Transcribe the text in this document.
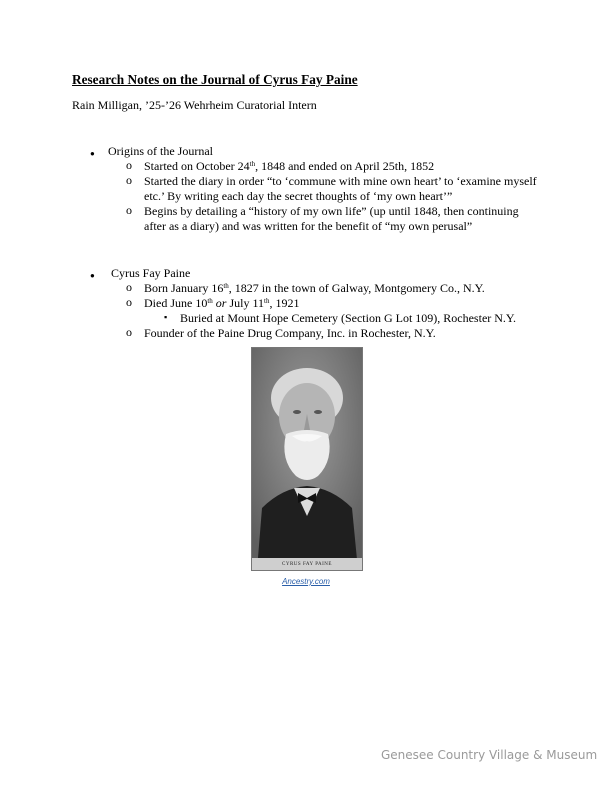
Research Notes on the Journal of Cyrus Fay Paine
Rain Milligan, ’25-’26 Wehrheim Curatorial Intern
● Origins of the Journal
o Started on October 24th, 1848 and ended on April 25th, 1852
o Started the diary in order “to ‘commune with mine own heart’ to ‘examine myself
etc.’ By writing each day the secret thoughts of ‘my own heart’”
o Begins by detailing a “history of my own life” (up until 1848, then continuing
after as a diary) and was written for the benefit of “my own perusal”
● Cyrus Fay Paine
o Born January 16th, 1827 in the town of Galway, Montgomery Co., N.Y.
o Died June 10th or July 11th, 1921
▪ Buried at Mount Hope Cemetery (Section G Lot 109), Rochester N.Y.
o Founder of the Paine Drug Company, Inc. in Rochester, N.Y.
CYRUS FAY PAINE
Ancestry.com
Genesee Country Village & Museum
